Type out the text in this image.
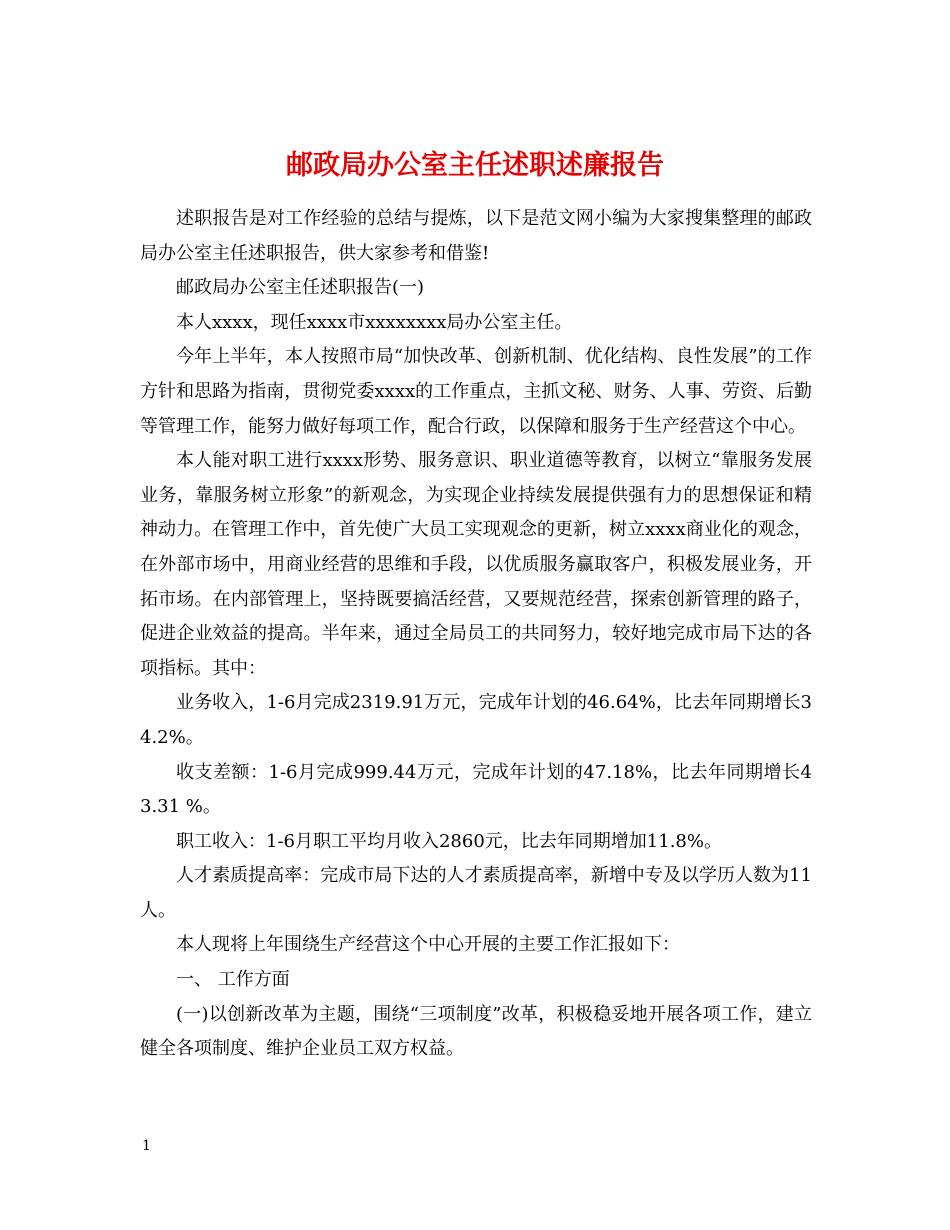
邮政局办公室主任述职述廉报告

述职报告是对工作经验的总结与提炼，以下是范文网小编为大家搜集整理的邮政局办公室主任述职报告，供大家参考和借鉴!

邮政局办公室主任述职报告(一)

本人xxxx，现任xxxx市xxxxxxxx局办公室主任。

今年上半年，本人按照市局“加快改革、创新机制、优化结构、良性发展”的工作方针和思路为指南，贯彻党委xxxx的工作重点，主抓文秘、财务、人事、劳资、后勤等管理工作，能努力做好每项工作，配合行政，以保障和服务于生产经营这个中心。

本人能对职工进行xxxx形势、服务意识、职业道德等教育，以树立“靠服务发展业务，靠服务树立形象”的新观念，为实现企业持续发展提供强有力的思想保证和精神动力。在管理工作中，首先使广大员工实现观念的更新，树立xxxx商业化的观念，在外部市场中，用商业经营的思维和手段，以优质服务赢取客户，积极发展业务，开拓市场。在内部管理上，坚持既要搞活经营，又要规范经营，探索创新管理的路子，促进企业效益的提高。半年来，通过全局员工的共同努力，较好地完成市局下达的各项指标。其中：

业务收入，1-6月完成2319.91万元，完成年计划的46.64%，比去年同期增长34.2%。

收支差额：1-6月完成999.44万元，完成年计划的47.18%，比去年同期增长43.31 %。

职工收入：1-6月职工平均月收入2860元，比去年同期增加11.8%。

人才素质提高率：完成市局下达的人才素质提高率，新增中专及以学历人数为11人。

本人现将上年围绕生产经营这个中心开展的主要工作汇报如下：

一、 工作方面

(一)以创新改革为主题，围绕“三项制度”改革，积极稳妥地开展各项工作，建立健全各项制度、维护企业员工双方权益。

1
